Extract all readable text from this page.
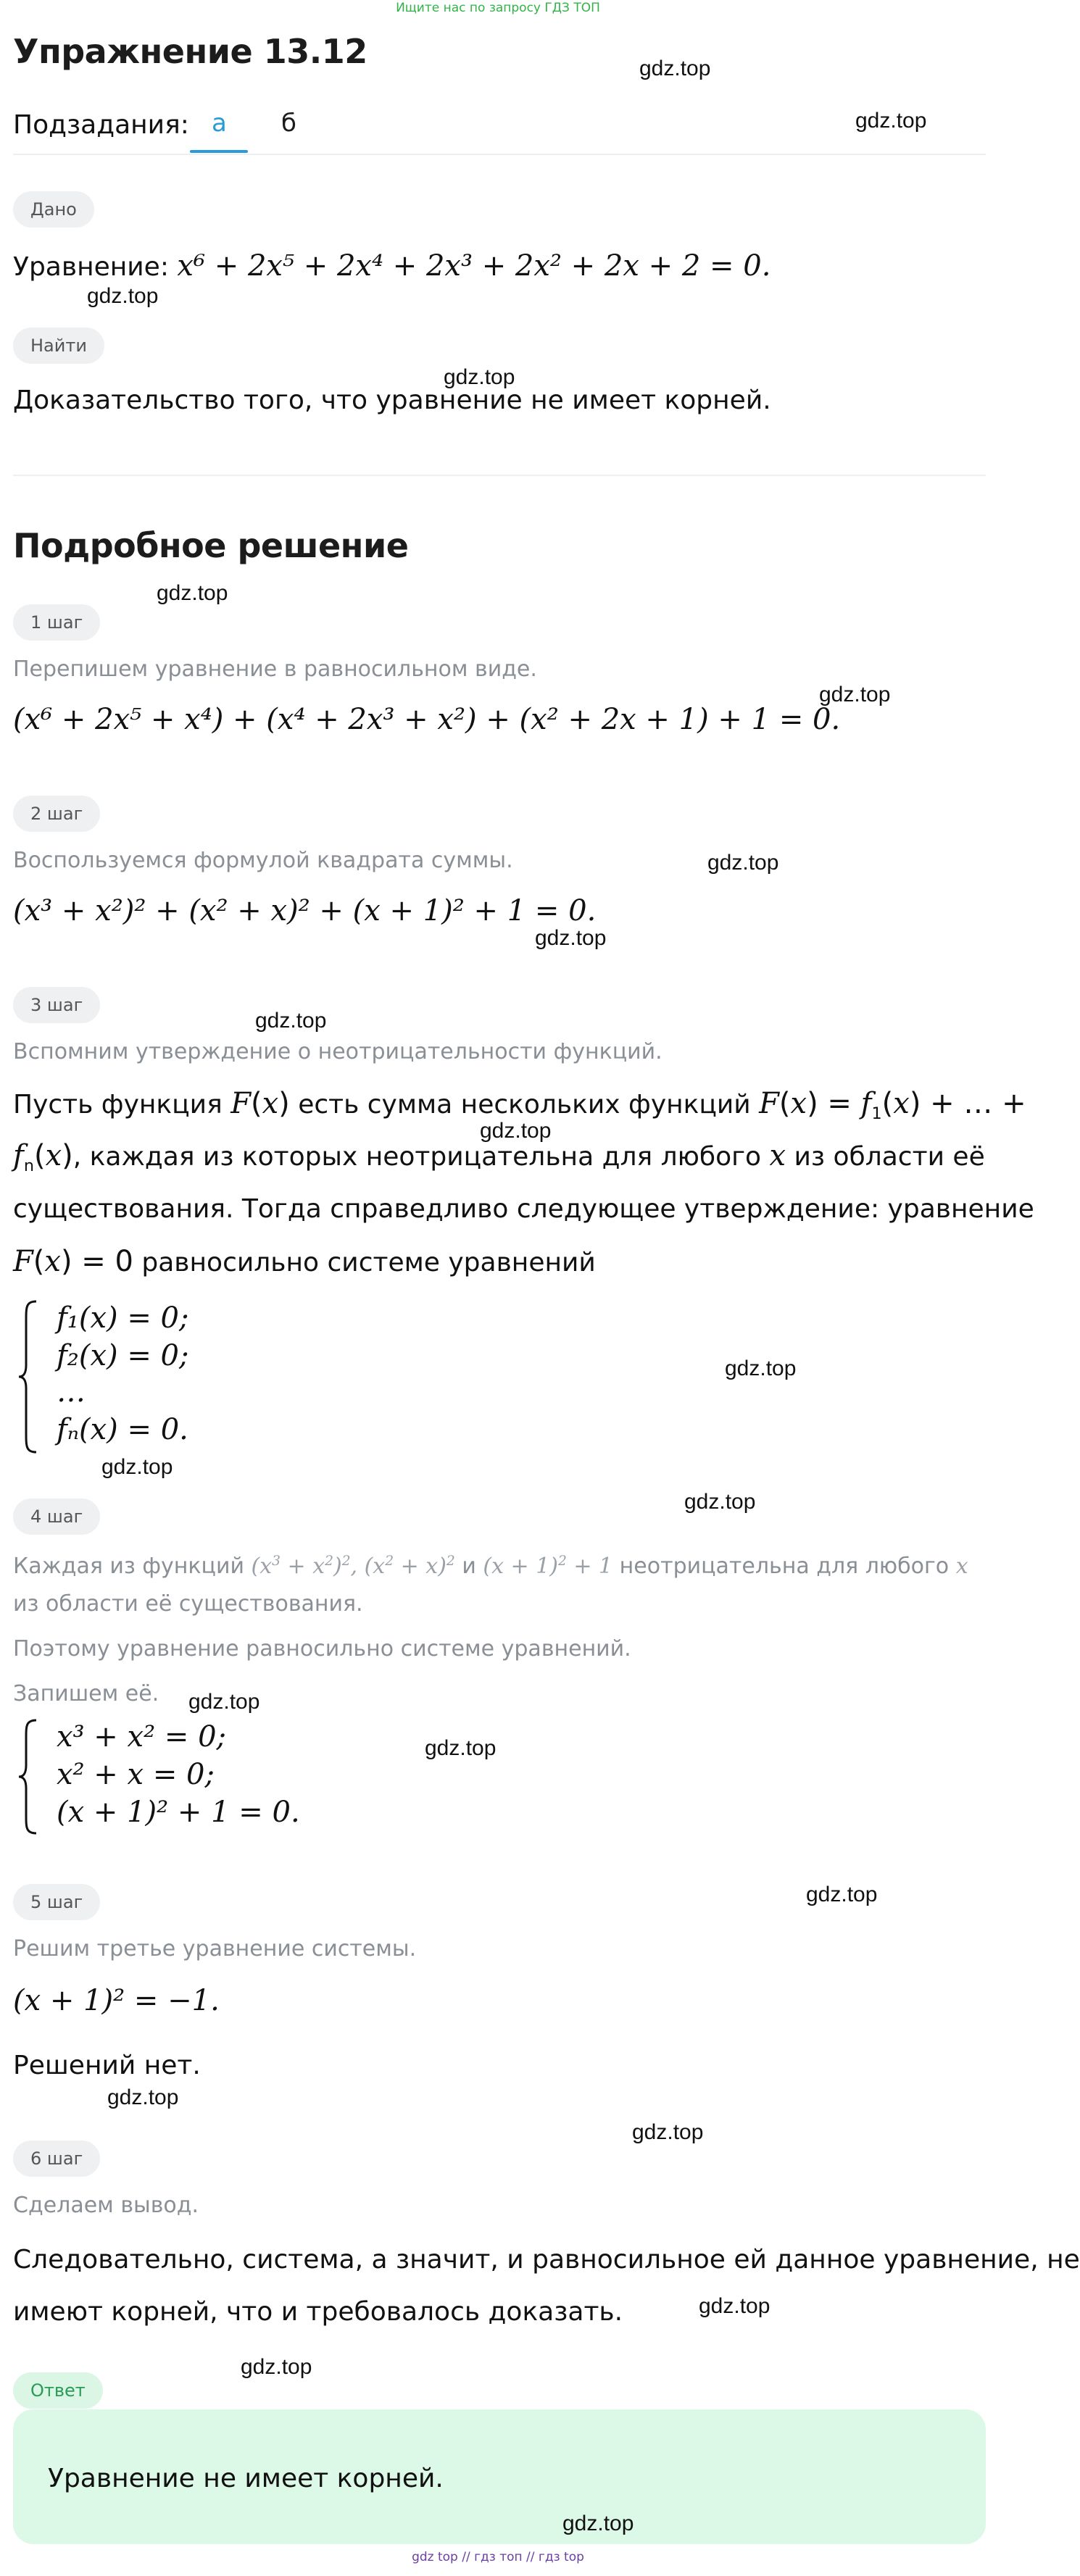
Ищите нас по запросу ГДЗ ТОП
Упражнение 13.12
Подзадания: а б
Дано
Уравнение: x⁶ + 2x⁵ + 2x⁴ + 2x³ + 2x² + 2x + 2 = 0.
Найти
Доказательство того, что уравнение не имеет корней.
Подробное решение
1 шаг
Перепишем уравнение в равносильном виде.
(x⁶ + 2x⁵ + x⁴) + (x⁴ + 2x³ + x²) + (x² + 2x + 1) + 1 = 0.
2 шаг
Воспользуемся формулой квадрата суммы.
(x³ + x²)² + (x² + x)² + (x + 1)² + 1 = 0.
3 шаг
Вспомним утверждение о неотрицательности функций.
Пусть функция F(x) есть сумма нескольких функций $F(x) = f_1(x)$ + … +
$f_n(x)$, каждая из которых неотрицательна для любого x из области её
существования. Тогда справедливо следующее утверждение: уравнение
F(x) = 0 равносильно системе уравнений
f₁(x) = 0;
f₂(x) = 0;
…
fₙ(x) = 0.
4 шаг
Каждая из функций $(x^3 + x^2)^2$, $(x^2 + x)^2$ и $(x + 1)^2 + 1$ неотрицательна для любого x
из области её существования.
Поэтому уравнение равносильно системе уравнений.
Запишем её.
x³ + x² = 0;
x² + x = 0;
(x + 1)² + 1 = 0.
5 шаг
Решим третье уравнение системы.
(x + 1)² = −1.
Решений нет.
6 шаг
Сделаем вывод.
Следовательно, система, а значит, и равносильное ей данное уравнение, не
имеют корней, что и требовалось доказать.
Ответ
Уравнение не имеет корней.
gdz.top
gdz.top
gdz.top
gdz.top
gdz.top
gdz.top
gdz.top
gdz.top
gdz.top
gdz.top
gdz.top
gdz.top
gdz.top
gdz.top
gdz.top
gdz.top
gdz.top
gdz.top
gdz.top
gdz.top
gdz.top
gdz top // гдз топ // гдз top
